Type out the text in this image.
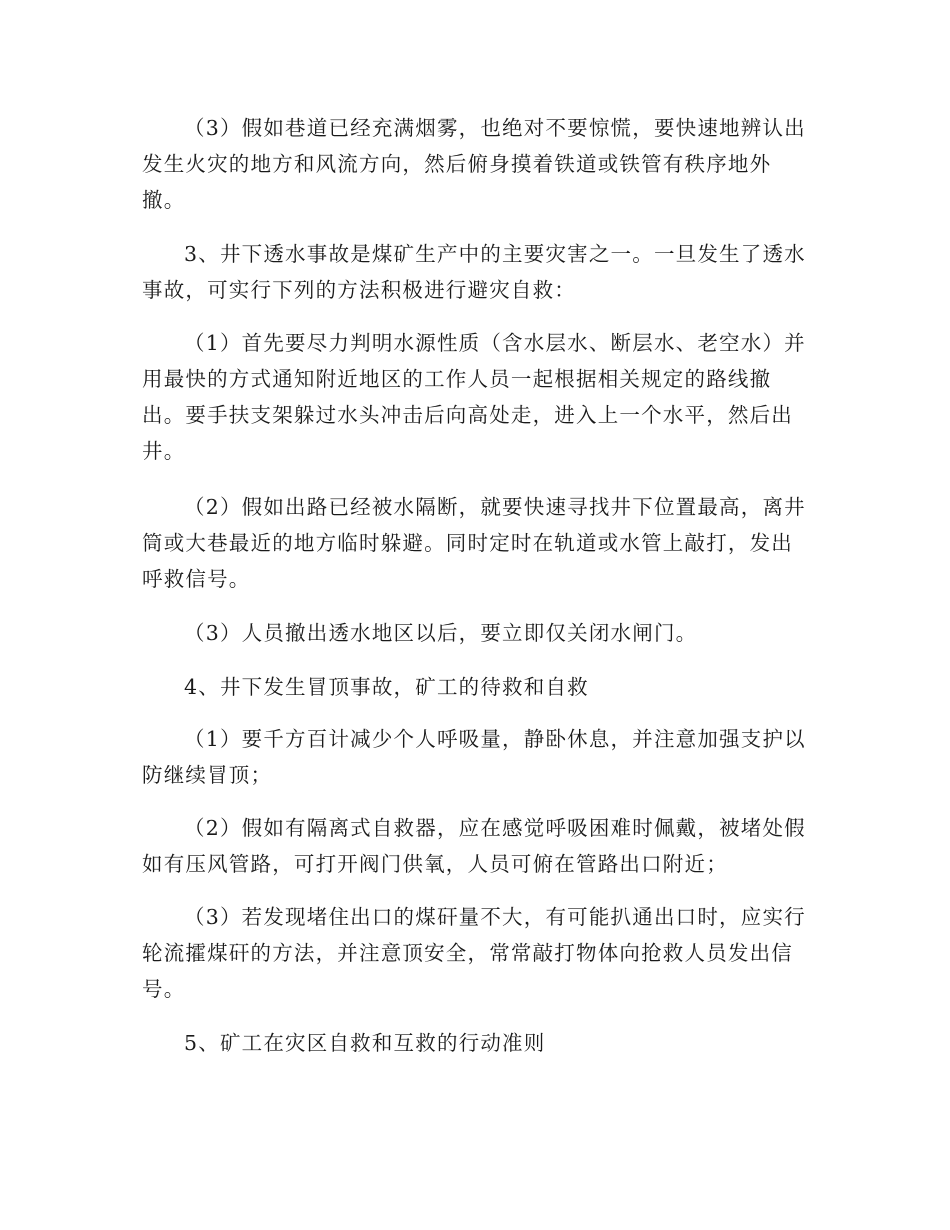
（3）假如巷道已经充满烟雾，也绝对不要惊慌，要快速地辨认出
发生火灾的地方和风流方向，然后俯身摸着铁道或铁管有秩序地外
撤。

3、井下透水事故是煤矿生产中的主要灾害之一。一旦发生了透水
事故，可实行下列的方法积极进行避灾自救：

（1）首先要尽力判明水源性质（含水层水、断层水、老空水）并
用最快的方式通知附近地区的工作人员一起根据相关规定的路线撤
出。要手扶支架躲过水头冲击后向高处走，进入上一个水平，然后出
井。

（2）假如出路已经被水隔断，就要快速寻找井下位置最高，离井
筒或大巷最近的地方临时躲避。同时定时在轨道或水管上敲打，发出
呼救信号。

（3）人员撤出透水地区以后，要立即仅关闭水闸门。

4、井下发生冒顶事故，矿工的待救和自救

（1）要千方百计减少个人呼吸量，静卧休息，并注意加强支护以
防继续冒顶；

（2）假如有隔离式自救器，应在感觉呼吸困难时佩戴，被堵处假
如有压风管路，可打开阀门供氧，人员可俯在管路出口附近；

（3）若发现堵住出口的煤矸量不大，有可能扒通出口时，应实行
轮流攉煤矸的方法，并注意顶安全，常常敲打物体向抢救人员发出信
号。

5、矿工在灾区自救和互救的行动准则
